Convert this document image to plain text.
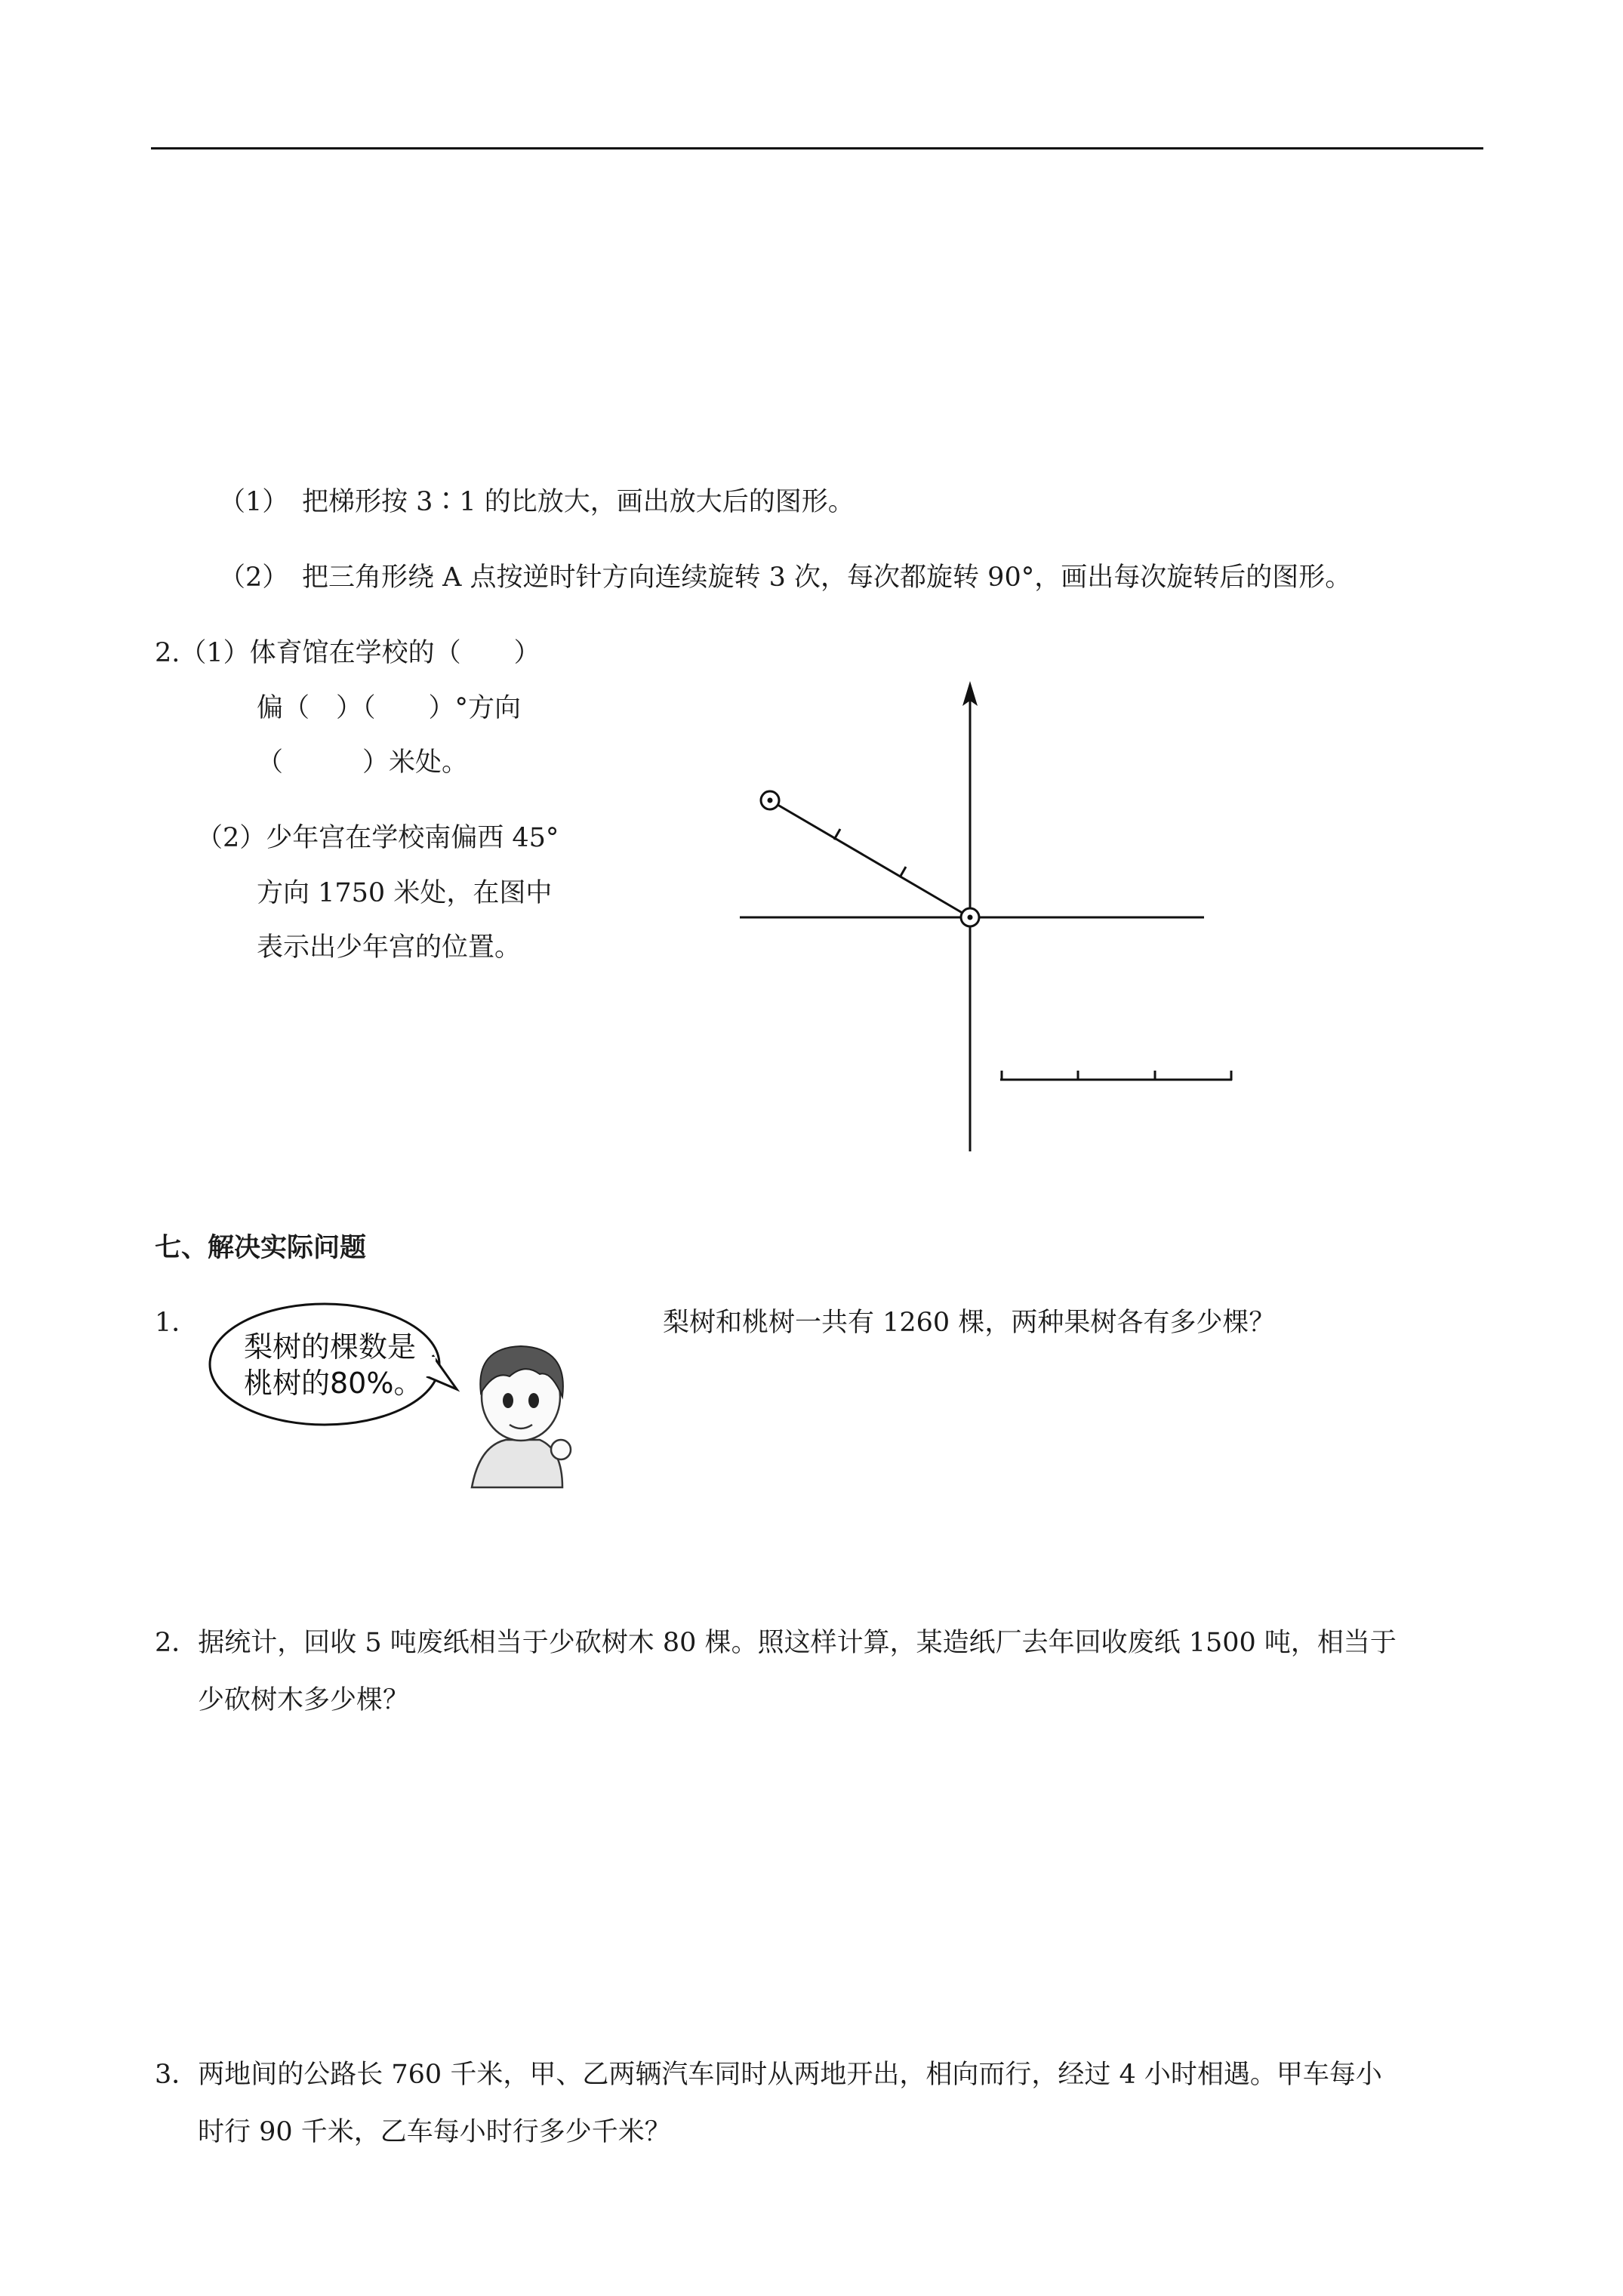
（1） 把梯形按 3∶1 的比放大，画出放大后的图形。
（2） 把三角形绕 A 点按逆时针方向连续旋转 3 次，每次都旋转 90°，画出每次旋转后的图形。
2.（1）体育馆在学校的（　　）
偏（　）（　　）°方向
（　　　）米处。
（2）少年宫在学校南偏西 45°
方向 1750 米处，在图中
表示出少年宫的位置。
七、解决实际问题
1．
梨树的棵数是
桃树的80%。
梨树和桃树一共有 1260 棵，两种果树各有多少棵？
2．据统计，回收 5 吨废纸相当于少砍树木 80 棵。照这样计算，某造纸厂去年回收废纸 1500 吨，相当于
少砍树木多少棵？
3．两地间的公路长 760 千米，甲、乙两辆汽车同时从两地开出，相向而行，经过 4 小时相遇。甲车每小
时行 90 千米，乙车每小时行多少千米？
